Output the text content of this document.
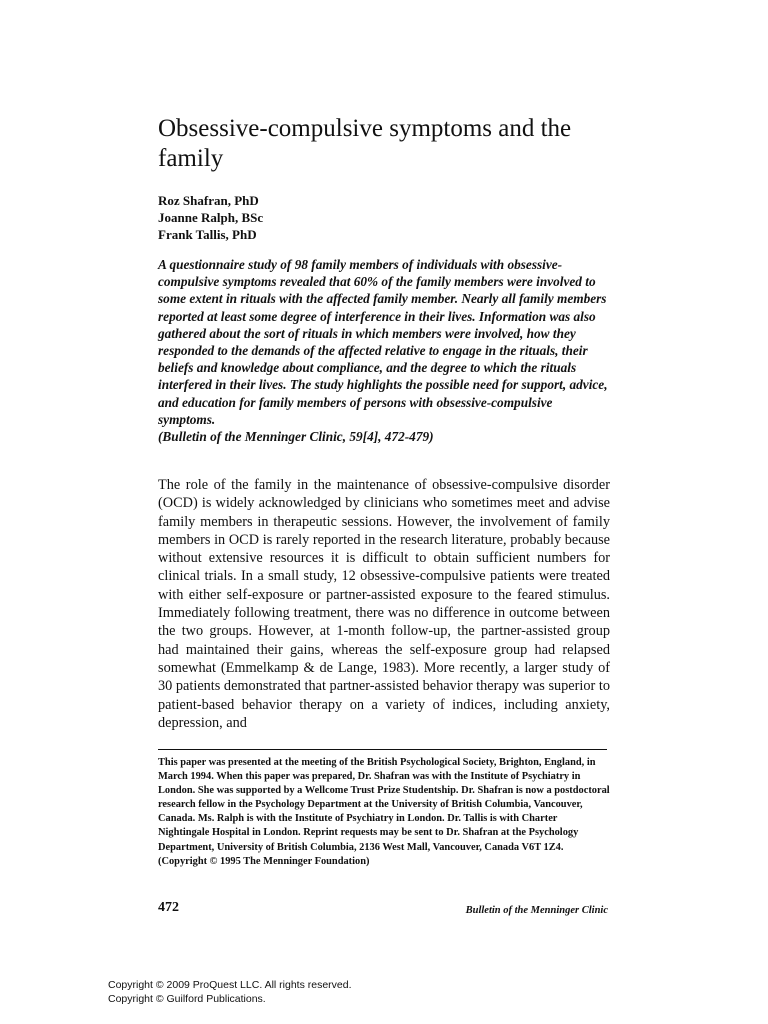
Obsessive-compulsive symptoms and the family
Roz Shafran, PhD
Joanne Ralph, BSc
Frank Tallis, PhD

A questionnaire study of 98 family members of individuals with obsessive-compulsive symptoms revealed that 60% of the family members were involved to some extent in rituals with the affected family member. Nearly all family members reported at least some degree of interference in their lives. Information was also gathered about the sort of rituals in which members were involved, how they responded to the demands of the affected relative to engage in the rituals, their beliefs and knowledge about compliance, and the degree to which the rituals interfered in their lives. The study highlights the possible need for support, advice, and education for family members of persons with obsessive-compulsive symptoms.
(Bulletin of the Menninger Clinic, 59[4], 472-479)

The role of the family in the maintenance of obsessive-compulsive disorder (OCD) is widely acknowledged by clinicians who sometimes meet and advise family members in therapeutic sessions. However, the involvement of family members in OCD is rarely reported in the research literature, probably because without extensive resources it is difficult to obtain sufficient numbers for clinical trials. In a small study, 12 obsessive-compulsive patients were treated with either self-exposure or partner-assisted exposure to the feared stimulus. Immediately following treatment, there was no difference in outcome between the two groups. However, at 1-month follow-up, the partner-assisted group had maintained their gains, whereas the self-exposure group had relapsed somewhat (Emmelkamp & de Lange, 1983). More recently, a larger study of 30 patients demonstrated that partner-assisted behavior therapy was superior to patient-based behavior therapy on a variety of indices, including anxiety, depression, and

This paper was presented at the meeting of the British Psychological Society, Brighton, England, in March 1994. When this paper was prepared, Dr. Shafran was with the Institute of Psychiatry in London. She was supported by a Wellcome Trust Prize Studentship. Dr. Shafran is now a postdoctoral research fellow in the Psychology Department at the University of British Columbia, Vancouver, Canada. Ms. Ralph is with the Institute of Psychiatry in London. Dr. Tallis is with Charter Nightingale Hospital in London. Reprint requests may be sent to Dr. Shafran at the Psychology Department, University of British Columbia, 2136 West Mall, Vancouver, Canada V6T 1Z4. (Copyright © 1995 The Menninger Foundation)

472	Bulletin of the Menninger Clinic
Copyright © 2009 ProQuest LLC. All rights reserved.
Copyright © Guilford Publications.
